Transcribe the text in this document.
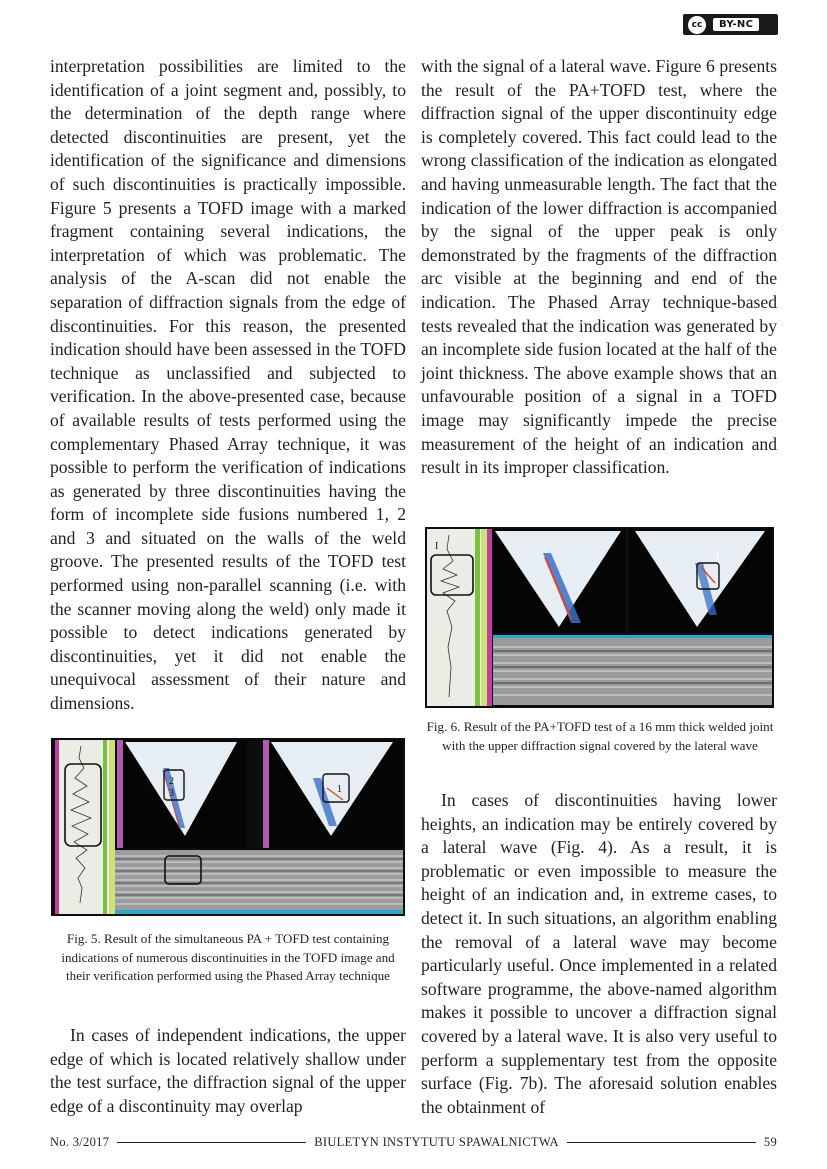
cc	BY-NC

interpretation possibilities are limited to the identification of a joint segment and, possibly, to the determination of the depth range where detected discontinuities are present, yet the identification of the significance and dimensions of such discontinuities is practically impossible. Figure 5 presents a TOFD image with a marked fragment containing several indications, the interpretation of which was problematic. The analysis of the A-scan did not enable the separation of diffraction signals from the edge of discontinuities. For this reason, the presented indication should have been assessed in the TOFD technique as unclassified and subjected to verification. In the above-presented case, because of available results of tests performed using the complementary Phased Array technique, it was possible to perform the verification of indications as generated by three discontinuities having the form of incomplete side fusions numbered 1, 2 and 3 and situated on the walls of the weld groove. The presented results of the TOFD test performed using non-parallel scanning (i.e. with the scanner moving along the weld) only made it possible to detect indications generated by discontinuities, yet it did not enable the unequivocal assessment of their nature and dimensions.

2
3	1
Fig. 5. Result of the simultaneous PA + TOFD test containing indications of numerous discontinuities in the TOFD image and their verification performed using the Phased Array technique

In cases of independent indications, the upper edge of which is located relatively shallow under the test surface, the diffraction signal of the upper edge of a discontinuity may overlap

with the signal of a lateral wave. Figure 6 presents the result of the PA+TOFD test, where the diffraction signal of the upper discontinuity edge is completely covered. This fact could lead to the wrong classification of the indication as elongated and having unmeasurable length. The fact that the indication of the lower diffraction is accompanied by the signal of the upper peak is only demonstrated by the fragments of the diffraction arc visible at the beginning and end of the indication. The Phased Array technique-based tests revealed that the indication was generated by an incomplete side fusion located at the half of the joint thickness. The above example shows that an unfavourable position of a signal in a TOFD image may significantly impede the precise measurement of the height of an indication and result in its improper classification.

I
I
Fig. 6. Result of the PA+TOFD test of a 16 mm thick welded joint with the upper diffraction signal covered by the lateral wave

In cases of discontinuities having lower heights, an indication may be entirely covered by a lateral wave (Fig. 4). As a result, it is problematic or even impossible to measure the height of an indication and, in extreme cases, to detect it. In such situations, an algorithm enabling the removal of a lateral wave may become particularly useful. Once implemented in a related software programme, the above-named algorithm makes it possible to uncover a diffraction signal covered by a lateral wave. It is also very useful to perform a supplementary test from the opposite surface (Fig. 7b). The aforesaid solution enables the obtainment of

No. 3/2017	BIULETYN INSTYTUTU SPAWALNICTWA	59
